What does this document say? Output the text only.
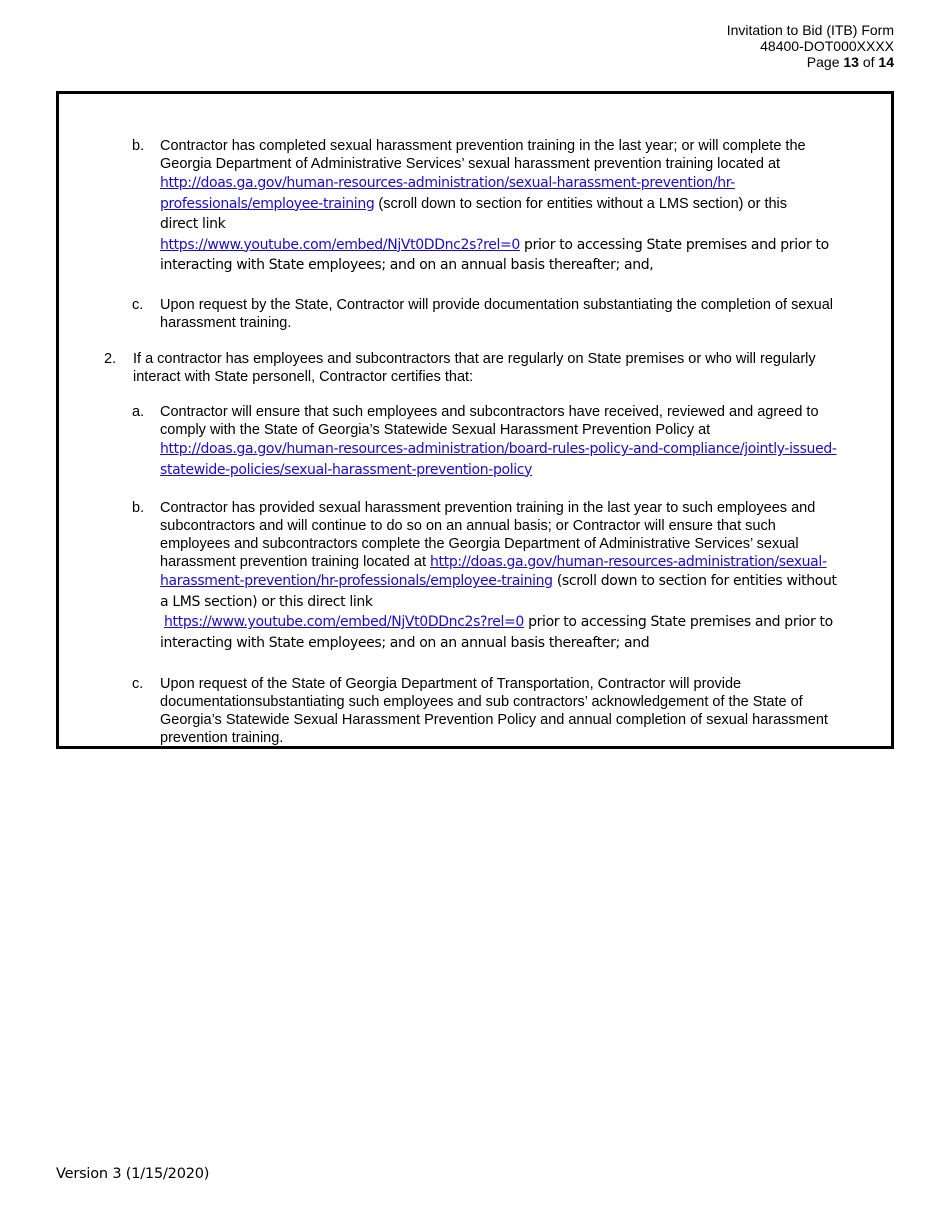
Invitation to Bid (ITB) Form
48400-DOT000XXXX
Page 13 of 14
b. Contractor has completed sexual harassment prevention training in the last year; or will complete the
Georgia Department of Administrative Services’ sexual harassment prevention training located at
http://doas.ga.gov/human-resources-administration/sexual-harassment-prevention/hr-
professionals/employee-training (scroll down to section for entities without a LMS section) or this
direct link
https://www.youtube.com/embed/NjVt0DDnc2s?rel=0 prior to accessing State premises and prior to
interacting with State employees; and on an annual basis thereafter; and,
c. Upon request by the State, Contractor will provide documentation substantiating the completion of sexual
harassment training.
2. If a contractor has employees and subcontractors that are regularly on State premises or who will regularly
interact with State personell, Contractor certifies that:
a. Contractor will ensure that such employees and subcontractors have received, reviewed and agreed to
comply with the State of Georgia’s Statewide Sexual Harassment Prevention Policy at
http://doas.ga.gov/human-resources-administration/board-rules-policy-and-compliance/jointly-issued-
statewide-policies/sexual-harassment-prevention-policy
b. Contractor has provided sexual harassment prevention training in the last year to such employees and
subcontractors and will continue to do so on an annual basis; or Contractor will ensure that such
employees and subcontractors complete the Georgia Department of Administrative Services’ sexual
harassment prevention training located at http://doas.ga.gov/human-resources-administration/sexual-
harassment-prevention/hr-professionals/employee-training (scroll down to section for entities without
a LMS section) or this direct link
https://www.youtube.com/embed/NjVt0DDnc2s?rel=0 prior to accessing State premises and prior to
interacting with State employees; and on an annual basis thereafter; and
c. Upon request of the State of Georgia Department of Transportation, Contractor will provide
documentationsubstantiating such employees and sub contractors’ acknowledgement of the State of
Georgia’s Statewide Sexual Harassment Prevention Policy and annual completion of sexual harassment
prevention training.
Version 3 (1/15/2020)
